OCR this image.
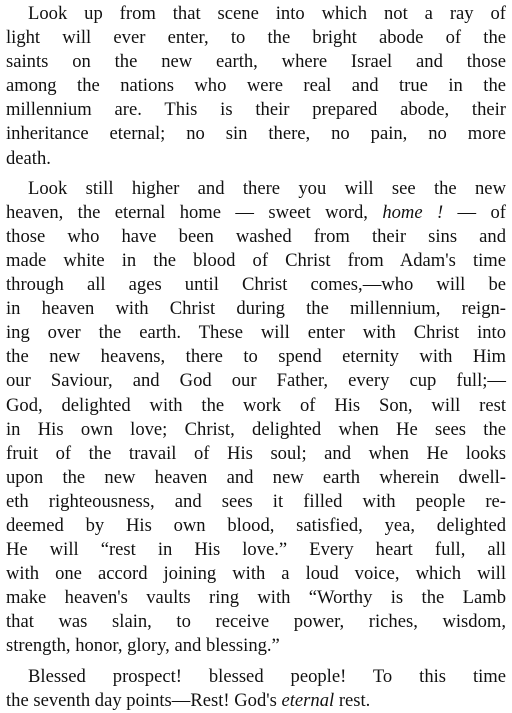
Look up from that scene into which not a ray of
light will ever enter, to the bright abode of the
saints on the new earth, where Israel and those
among the nations who were real and true in the
millennium are. This is their prepared abode, their
inheritance eternal; no sin there, no pain, no more
death.
Look still higher and there you will see the new
heaven, the eternal home — sweet word, home ! — of
those who have been washed from their sins and
made white in the blood of Christ from Adam's time
through all ages until Christ comes,—who will be
in heaven with Christ during the millennium, reign-
ing over the earth. These will enter with Christ into
the new heavens, there to spend eternity with Him
our Saviour, and God our Father, every cup full;—
God, delighted with the work of His Son, will rest
in His own love; Christ, delighted when He sees the
fruit of the travail of His soul; and when He looks
upon the new heaven and new earth wherein dwell-
eth righteousness, and sees it filled with people re-
deemed by His own blood, satisfied, yea, delighted
He will “rest in His love.” Every heart full, all
with one accord joining with a loud voice, which will
make heaven's vaults ring with “Worthy is the Lamb
that was slain, to receive power, riches, wisdom,
strength, honor, glory, and blessing.”
Blessed prospect! blessed people! To this time
the seventh day points—Rest! God's eternal rest.
